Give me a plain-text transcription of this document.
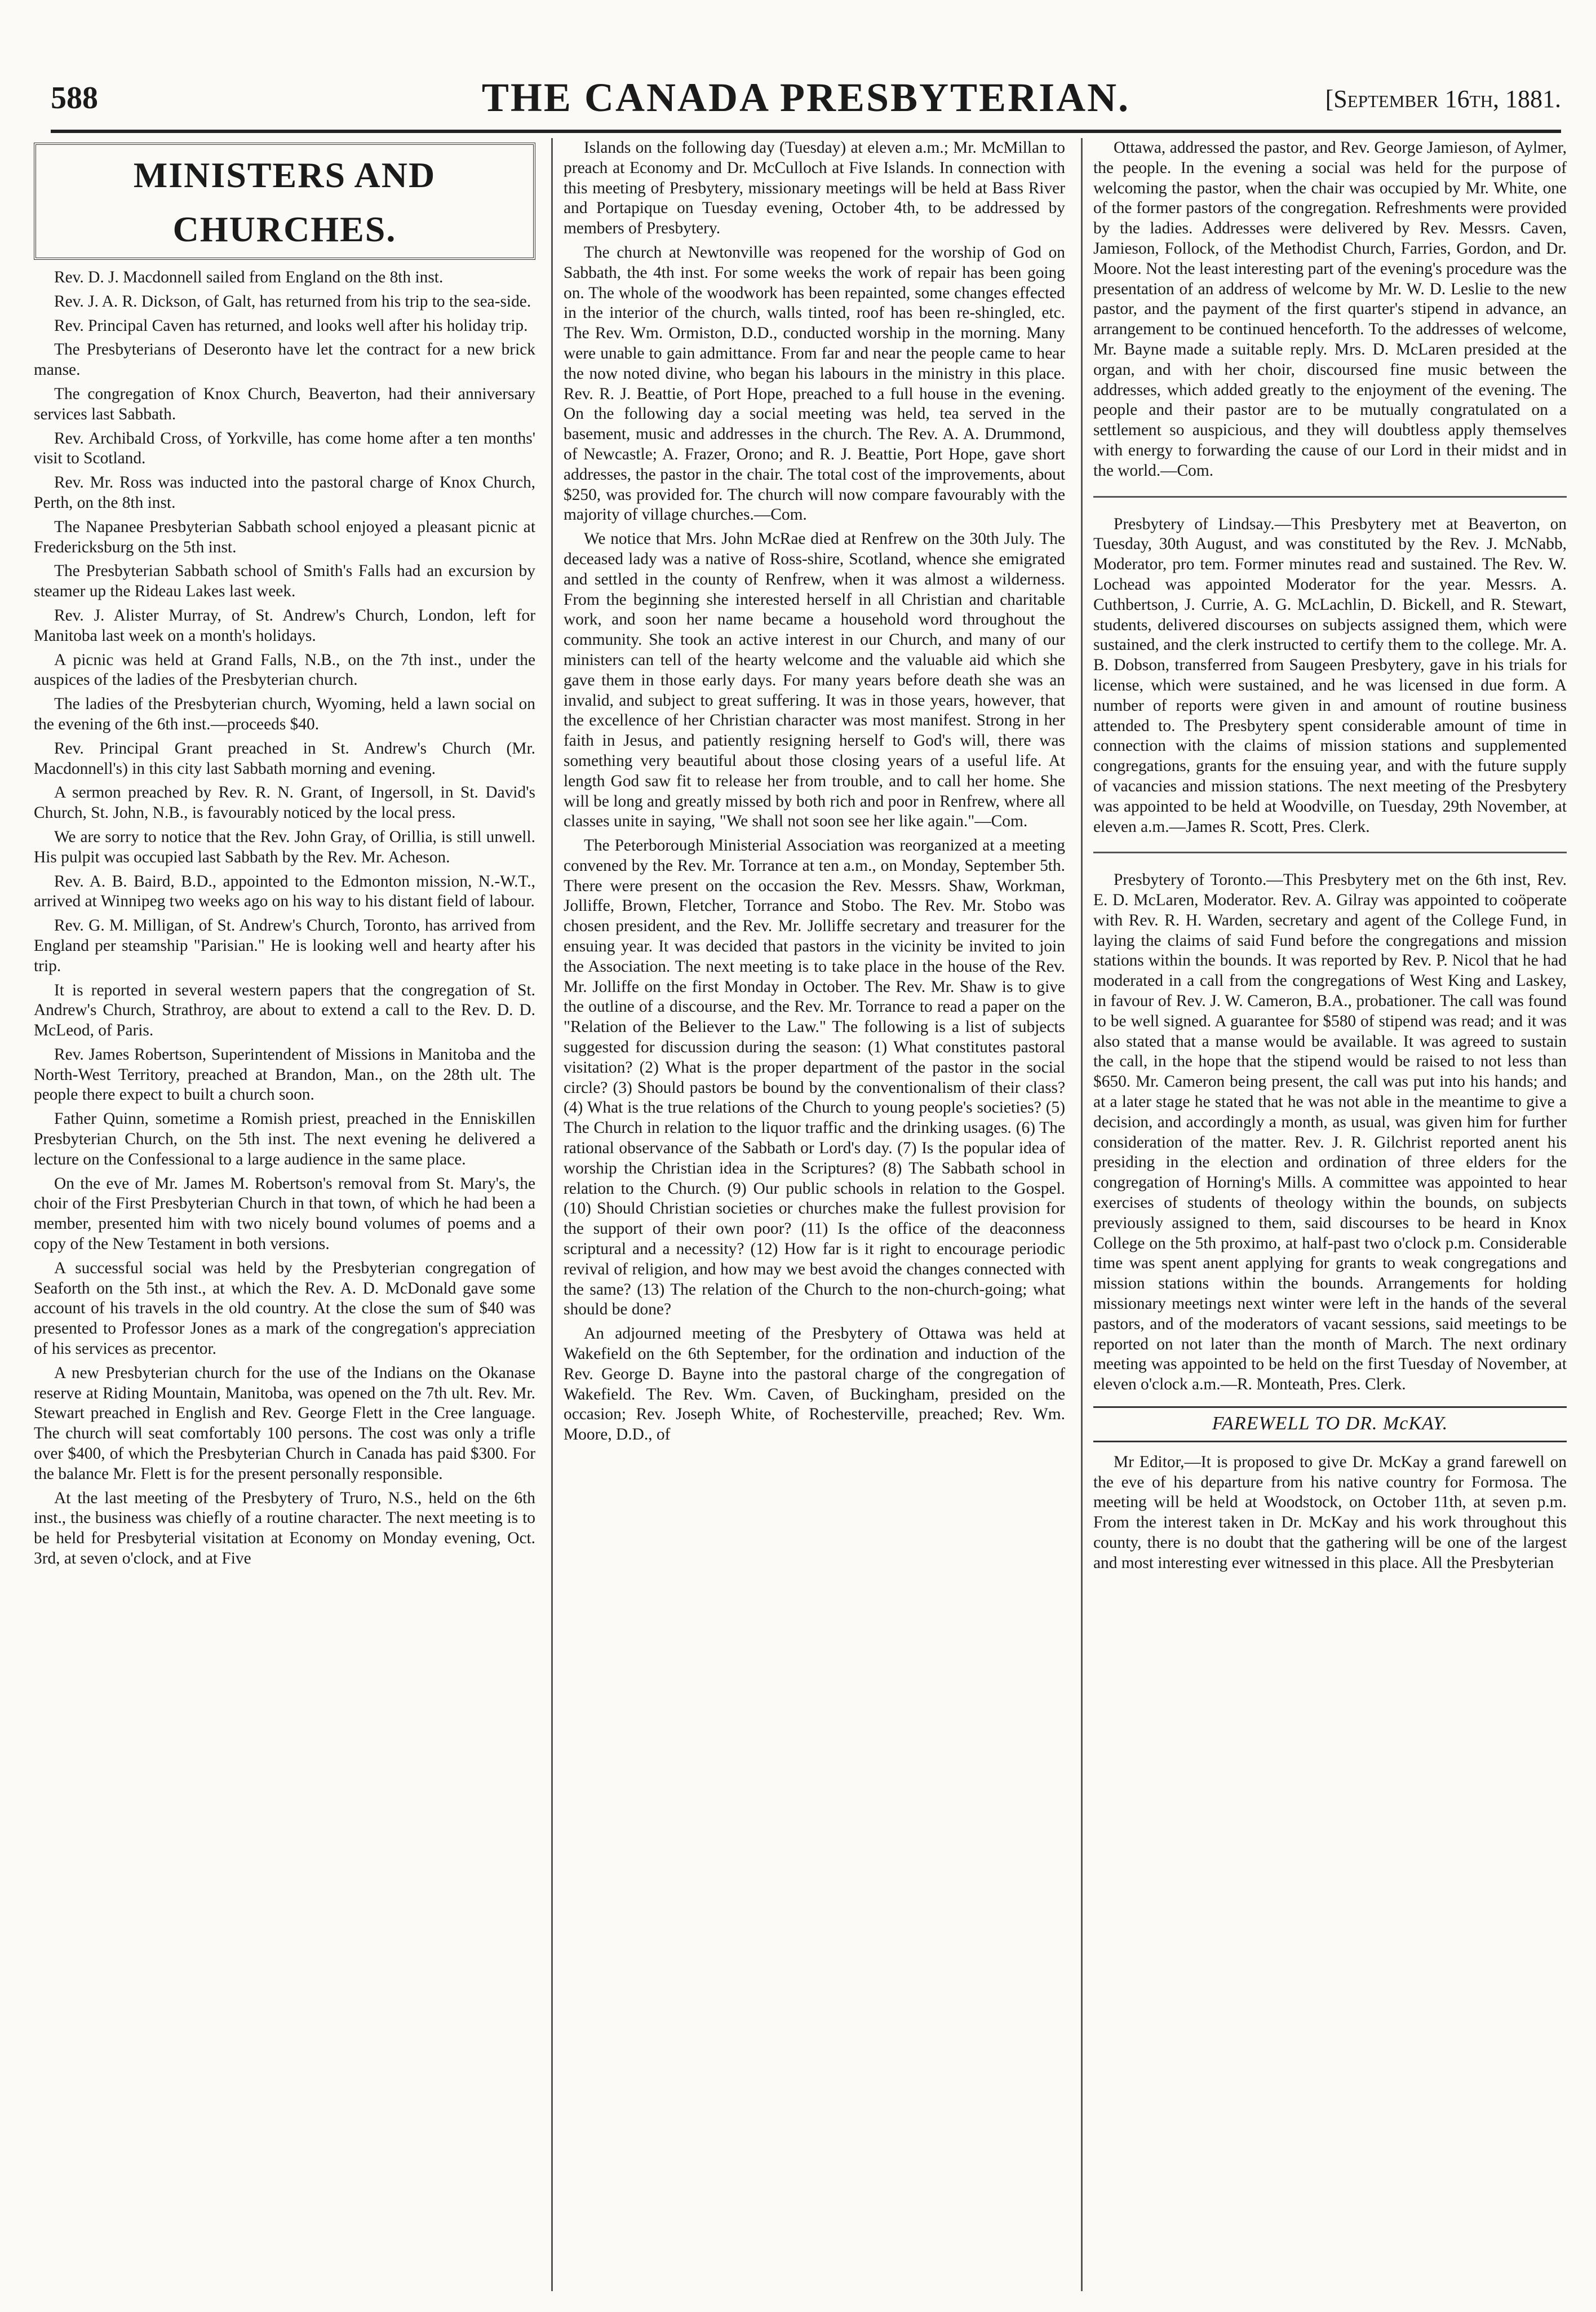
588	THE CANADA PRESBYTERIAN.	[September 16th, 1881.
MINISTERS AND CHURCHES.

Rev. D. J. Macdonnell sailed from England on the 8th inst.

Rev. J. A. R. Dickson, of Galt, has returned from his trip to the sea-side.

Rev. Principal Caven has returned, and looks well after his holiday trip.

The Presbyterians of Deseronto have let the contract for a new brick manse.

The congregation of Knox Church, Beaverton, had their anniversary services last Sabbath.

Rev. Archibald Cross, of Yorkville, has come home after a ten months' visit to Scotland.

Rev. Mr. Ross was inducted into the pastoral charge of Knox Church, Perth, on the 8th inst.

The Napanee Presbyterian Sabbath school enjoyed a pleasant picnic at Fredericksburg on the 5th inst.

The Presbyterian Sabbath school of Smith's Falls had an excursion by steamer up the Rideau Lakes last week.

Rev. J. Alister Murray, of St. Andrew's Church, London, left for Manitoba last week on a month's holidays.

A picnic was held at Grand Falls, N.B., on the 7th inst., under the auspices of the ladies of the Presbyterian church.

The ladies of the Presbyterian church, Wyoming, held a lawn social on the evening of the 6th inst.—proceeds $40.

Rev. Principal Grant preached in St. Andrew's Church (Mr. Macdonnell's) in this city last Sabbath morning and evening.

A sermon preached by Rev. R. N. Grant, of Ingersoll, in St. David's Church, St. John, N.B., is favourably noticed by the local press.

We are sorry to notice that the Rev. John Gray, of Orillia, is still unwell. His pulpit was occupied last Sabbath by the Rev. Mr. Acheson.

Rev. A. B. Baird, B.D., appointed to the Edmonton mission, N.-W.T., arrived at Winnipeg two weeks ago on his way to his distant field of labour.

Rev. G. M. Milligan, of St. Andrew's Church, Toronto, has arrived from England per steamship "Parisian." He is looking well and hearty after his trip.

It is reported in several western papers that the congregation of St. Andrew's Church, Strathroy, are about to extend a call to the Rev. D. D. McLeod, of Paris.

Rev. James Robertson, Superintendent of Missions in Manitoba and the North-West Territory, preached at Brandon, Man., on the 28th ult. The people there expect to built a church soon.

Father Quinn, sometime a Romish priest, preached in the Enniskillen Presbyterian Church, on the 5th inst. The next evening he delivered a lecture on the Confessional to a large audience in the same place.

On the eve of Mr. James M. Robertson's removal from St. Mary's, the choir of the First Presbyterian Church in that town, of which he had been a member, presented him with two nicely bound volumes of poems and a copy of the New Testament in both versions.

A successful social was held by the Presbyterian congregation of Seaforth on the 5th inst., at which the Rev. A. D. McDonald gave some account of his travels in the old country. At the close the sum of $40 was presented to Professor Jones as a mark of the congregation's appreciation of his services as precentor.

A new Presbyterian church for the use of the Indians on the Okanase reserve at Riding Mountain, Manitoba, was opened on the 7th ult. Rev. Mr. Stewart preached in English and Rev. George Flett in the Cree language. The church will seat comfortably 100 persons. The cost was only a trifle over $400, of which the Presbyterian Church in Canada has paid $300. For the balance Mr. Flett is for the present personally responsible.

At the last meeting of the Presbytery of Truro, N.S., held on the 6th inst., the business was chiefly of a routine character. The next meeting is to be held for Presbyterial visitation at Economy on Monday evening, Oct. 3rd, at seven o'clock, and at Five

Islands on the following day (Tuesday) at eleven a.m.; Mr. McMillan to preach at Economy and Dr. McCulloch at Five Islands. In connection with this meeting of Presbytery, missionary meetings will be held at Bass River and Portapique on Tuesday evening, October 4th, to be addressed by members of Presbytery.

The church at Newtonville was reopened for the worship of God on Sabbath, the 4th inst. For some weeks the work of repair has been going on. The whole of the woodwork has been repainted, some changes effected in the interior of the church, walls tinted, roof has been re-shingled, etc. The Rev. Wm. Ormiston, D.D., conducted worship in the morning. Many were unable to gain admittance. From far and near the people came to hear the now noted divine, who began his labours in the ministry in this place. Rev. R. J. Beattie, of Port Hope, preached to a full house in the evening. On the following day a social meeting was held, tea served in the basement, music and addresses in the church. The Rev. A. A. Drummond, of Newcastle; A. Frazer, Orono; and R. J. Beattie, Port Hope, gave short addresses, the pastor in the chair. The total cost of the improvements, about $250, was provided for. The church will now compare favourably with the majority of village churches.—Com.

We notice that Mrs. John McRae died at Renfrew on the 30th July. The deceased lady was a native of Ross-shire, Scotland, whence she emigrated and settled in the county of Renfrew, when it was almost a wilderness. From the beginning she interested herself in all Christian and charitable work, and soon her name became a household word throughout the community. She took an active interest in our Church, and many of our ministers can tell of the hearty welcome and the valuable aid which she gave them in those early days. For many years before death she was an invalid, and subject to great suffering. It was in those years, however, that the excellence of her Christian character was most manifest. Strong in her faith in Jesus, and patiently resigning herself to God's will, there was something very beautiful about those closing years of a useful life. At length God saw fit to release her from trouble, and to call her home. She will be long and greatly missed by both rich and poor in Renfrew, where all classes unite in saying, "We shall not soon see her like again."—Com.

The Peterborough Ministerial Association was reorganized at a meeting convened by the Rev. Mr. Torrance at ten a.m., on Monday, September 5th. There were present on the occasion the Rev. Messrs. Shaw, Workman, Jolliffe, Brown, Fletcher, Torrance and Stobo. The Rev. Mr. Stobo was chosen president, and the Rev. Mr. Jolliffe secretary and treasurer for the ensuing year. It was decided that pastors in the vicinity be invited to join the Association. The next meeting is to take place in the house of the Rev. Mr. Jolliffe on the first Monday in October. The Rev. Mr. Shaw is to give the outline of a discourse, and the Rev. Mr. Torrance to read a paper on the "Relation of the Believer to the Law." The following is a list of subjects suggested for discussion during the season: (1) What constitutes pastoral visitation? (2) What is the proper department of the pastor in the social circle? (3) Should pastors be bound by the conventionalism of their class? (4) What is the true relations of the Church to young people's societies? (5) The Church in relation to the liquor traffic and the drinking usages. (6) The rational observance of the Sabbath or Lord's day. (7) Is the popular idea of worship the Christian idea in the Scriptures? (8) The Sabbath school in relation to the Church. (9) Our public schools in relation to the Gospel. (10) Should Christian societies or churches make the fullest provision for the support of their own poor? (11) Is the office of the deaconness scriptural and a necessity? (12) How far is it right to encourage periodic revival of religion, and how may we best avoid the changes connected with the same? (13) The relation of the Church to the non-church-going; what should be done?

An adjourned meeting of the Presbytery of Ottawa was held at Wakefield on the 6th September, for the ordination and induction of the Rev. George D. Bayne into the pastoral charge of the congregation of Wakefield. The Rev. Wm. Caven, of Buckingham, presided on the occasion; Rev. Joseph White, of Rochesterville, preached; Rev. Wm. Moore, D.D., of

Ottawa, addressed the pastor, and Rev. George Jamieson, of Aylmer, the people. In the evening a social was held for the purpose of welcoming the pastor, when the chair was occupied by Mr. White, one of the former pastors of the congregation. Refreshments were provided by the ladies. Addresses were delivered by Rev. Messrs. Caven, Jamieson, Follock, of the Methodist Church, Farries, Gordon, and Dr. Moore. Not the least interesting part of the evening's procedure was the presentation of an address of welcome by Mr. W. D. Leslie to the new pastor, and the payment of the first quarter's stipend in advance, an arrangement to be continued henceforth. To the addresses of welcome, Mr. Bayne made a suitable reply. Mrs. D. McLaren presided at the organ, and with her choir, discoursed fine music between the addresses, which added greatly to the enjoyment of the evening. The people and their pastor are to be mutually congratulated on a settlement so auspicious, and they will doubtless apply themselves with energy to forwarding the cause of our Lord in their midst and in the world.—Com.

Presbytery of Lindsay.—This Presbytery met at Beaverton, on Tuesday, 30th August, and was constituted by the Rev. J. McNabb, Moderator, pro tem. Former minutes read and sustained. The Rev. W. Lochead was appointed Moderator for the year. Messrs. A. Cuthbertson, J. Currie, A. G. McLachlin, D. Bickell, and R. Stewart, students, delivered discourses on subjects assigned them, which were sustained, and the clerk instructed to certify them to the college. Mr. A. B. Dobson, transferred from Saugeen Presbytery, gave in his trials for license, which were sustained, and he was licensed in due form. A number of reports were given in and amount of routine business attended to. The Presbytery spent considerable amount of time in connection with the claims of mission stations and supplemented congregations, grants for the ensuing year, and with the future supply of vacancies and mission stations. The next meeting of the Presbytery was appointed to be held at Woodville, on Tuesday, 29th November, at eleven a.m.—James R. Scott, Pres. Clerk.

Presbytery of Toronto.—This Presbytery met on the 6th inst, Rev. E. D. McLaren, Moderator. Rev. A. Gilray was appointed to coöperate with Rev. R. H. Warden, secretary and agent of the College Fund, in laying the claims of said Fund before the congregations and mission stations within the bounds. It was reported by Rev. P. Nicol that he had moderated in a call from the congregations of West King and Laskey, in favour of Rev. J. W. Cameron, B.A., probationer. The call was found to be well signed. A guarantee for $580 of stipend was read; and it was also stated that a manse would be available. It was agreed to sustain the call, in the hope that the stipend would be raised to not less than $650. Mr. Cameron being present, the call was put into his hands; and at a later stage he stated that he was not able in the meantime to give a decision, and accordingly a month, as usual, was given him for further consideration of the matter. Rev. J. R. Gilchrist reported anent his presiding in the election and ordination of three elders for the congregation of Horning's Mills. A committee was appointed to hear exercises of students of theology within the bounds, on subjects previously assigned to them, said discourses to be heard in Knox College on the 5th proximo, at half-past two o'clock p.m. Considerable time was spent anent applying for grants to weak congregations and mission stations within the bounds. Arrangements for holding missionary meetings next winter were left in the hands of the several pastors, and of the moderators of vacant sessions, said meetings to be reported on not later than the month of March. The next ordinary meeting was appointed to be held on the first Tuesday of November, at eleven o'clock a.m.—R. Monteath, Pres. Clerk.

FAREWELL TO DR. McKAY.

Mr Editor,—It is proposed to give Dr. McKay a grand farewell on the eve of his departure from his native country for Formosa. The meeting will be held at Woodstock, on October 11th, at seven p.m. From the interest taken in Dr. McKay and his work throughout this county, there is no doubt that the gathering will be one of the largest and most interesting ever witnessed in this place. All the Presbyterian
